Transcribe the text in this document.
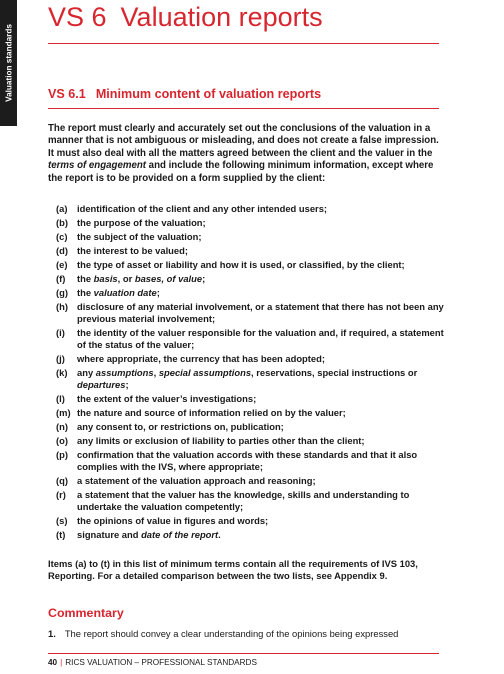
Valuation standards
VS 6 Valuation reports
VS 6.1 Minimum content of valuation reports

The report must clearly and accurately set out the conclusions of the valuation in a manner that is not ambiguous or misleading, and does not create a false impression. It must also deal with all the matters agreed between the client and the valuer in the terms of engagement and include the following minimum information, except where the report is to be provided on a form supplied by the client:

(a) identification of the client and any other intended users;
(b) the purpose of the valuation;
(c) the subject of the valuation;
(d) the interest to be valued;
(e) the type of asset or liability and how it is used, or classified, by the client;
(f) the basis, or bases, of value;
(g) the valuation date;
(h) disclosure of any material involvement, or a statement that there has not been any previous material involvement;
(i) the identity of the valuer responsible for the valuation and, if required, a statement of the status of the valuer;
(j) where appropriate, the currency that has been adopted;
(k) any assumptions, special assumptions, reservations, special instructions or departures;
(l) the extent of the valuer’s investigations;
(m) the nature and source of information relied on by the valuer;
(n) any consent to, or restrictions on, publication;
(o) any limits or exclusion of liability to parties other than the client;
(p) confirmation that the valuation accords with these standards and that it also complies with the IVS, where appropriate;
(q) a statement of the valuation approach and reasoning;
(r) a statement that the valuer has the knowledge, skills and understanding to undertake the valuation competently;
(s) the opinions of value in figures and words;
(t) signature and date of the report.

Items (a) to (t) in this list of minimum terms contain all the requirements of IVS 103, Reporting. For a detailed comparison between the two lists, see Appendix 9.

Commentary

1. The report should convey a clear understanding of the opinions being expressed

40 | RICS VALUATION – PROFESSIONAL STANDARDS
